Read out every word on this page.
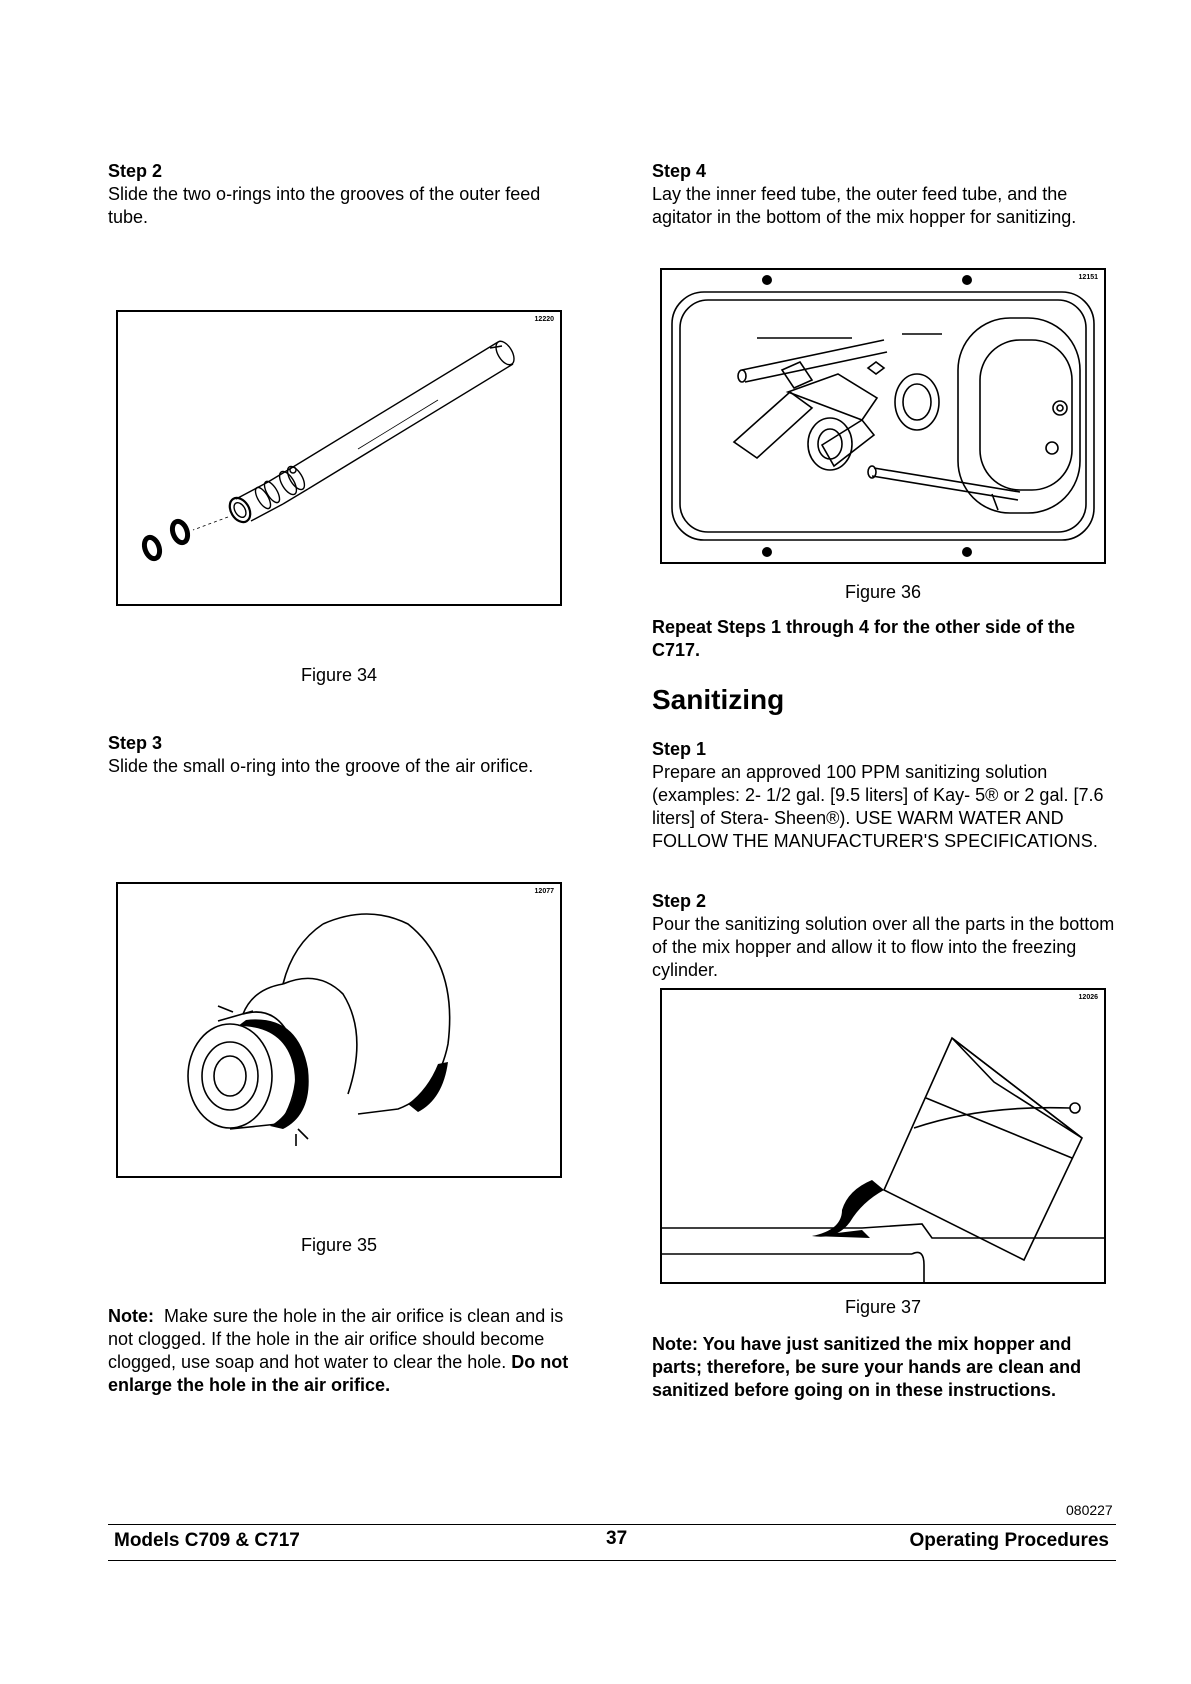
Step 2

Slide the two o-rings into the grooves of the outer feed tube.

12220
Figure 34

Step 3

Slide the small o-ring into the groove of the air orifice.

12077
Figure 35
Note: Make sure the hole in the air orifice is clean and is not clogged. If the hole in the air orifice should become clogged, use soap and hot water to clear the hole. Do not enlarge the hole in the air orifice.

Step 4

Lay the inner feed tube, the outer feed tube, and the agitator in the bottom of the mix hopper for sanitizing.

12151
Figure 36
Repeat Steps 1 through 4 for the other side of the C717.
Sanitizing

Step 1

Prepare an approved 100 PPM sanitizing solution (examples: 2- 1/2 gal. [9.5 liters] of Kay- 5® or 2 gal. [7.6 liters] of Stera- Sheen®). USE WARM WATER AND FOLLOW THE MANUFACTURER'S SPECIFICATIONS.

Step 2

Pour the sanitizing solution over all the parts in the bottom of the mix hopper and allow it to flow into the freezing cylinder.

12026
Figure 37
Note: You have just sanitized the mix hopper and parts; therefore, be sure your hands are clean and sanitized before going on in these instructions.
080227
Models C709 & C717	37	Operating Procedures
